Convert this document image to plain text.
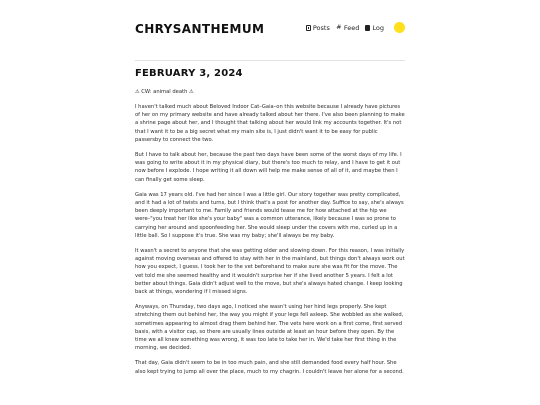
CHRYSANTHEMUM	Posts # Feed Log
FEBRUARY 3, 2024

⚠ CW: animal death ⚠

I haven't talked much about Beloved Indoor Cat–Gaia–on this website because I already have pictures of her on my primary website and have already talked about her there. I've also been planning to make a shrine page about her, and I thought that talking about her would link my accounts together. It's not that I want it to be a big secret what my main site is, I just didn't want it to be easy for public passersby to connect the two.

But I have to talk about her, because the past two days have been some of the worst days of my life. I was going to write about it in my physical diary, but there's too much to relay, and I have to get it out now before I explode. I hope writing it all down will help me make sense of all of it, and maybe then I can finally get some sleep.

Gaia was 17 years old. I've had her since I was a little girl. Our story together was pretty complicated, and it had a lot of twists and turns, but I think that's a post for another day. Suffice to say, she's always been deeply important to me. Family and friends would tease me for how attached at the hip we were–"you treat her like she's your baby" was a common utterance, likely because I was so prone to carrying her around and spoonfeeding her. She would sleep under the covers with me, curled up in a little ball. So I suppose it's true. She was my baby; she'll always be my baby.

It wasn't a secret to anyone that she was getting older and slowing down. For this reason, I was initially against moving overseas and offered to stay with her in the mainland, but things don't always work out how you expect, I guess. I took her to the vet beforehand to make sure she was fit for the move. The vet told me she seemed healthy and it wouldn't surprise her if she lived another 5 years. I felt a lot better about things. Gaia didn't adjust well to the move, but she's always hated change. I keep looking back at things, wondering if I missed signs.

Anyways, on Thursday, two days ago, I noticed she wasn't using her hind legs properly. She kept stretching them out behind her, the way you might if your legs fell asleep. She wobbled as she walked, sometimes appearing to almost drag them behind her. The vets here work on a first come, first served basis, with a visitor cap, so there are usually lines outside at least an hour before they open. By the time we all knew something was wrong, it was too late to take her in. We'd take her first thing in the morning, we decided.

That day, Gaia didn't seem to be in too much pain, and she still demanded food every half hour. She also kept trying to jump all over the place, much to my chagrin. I couldn't leave her alone for a second.
